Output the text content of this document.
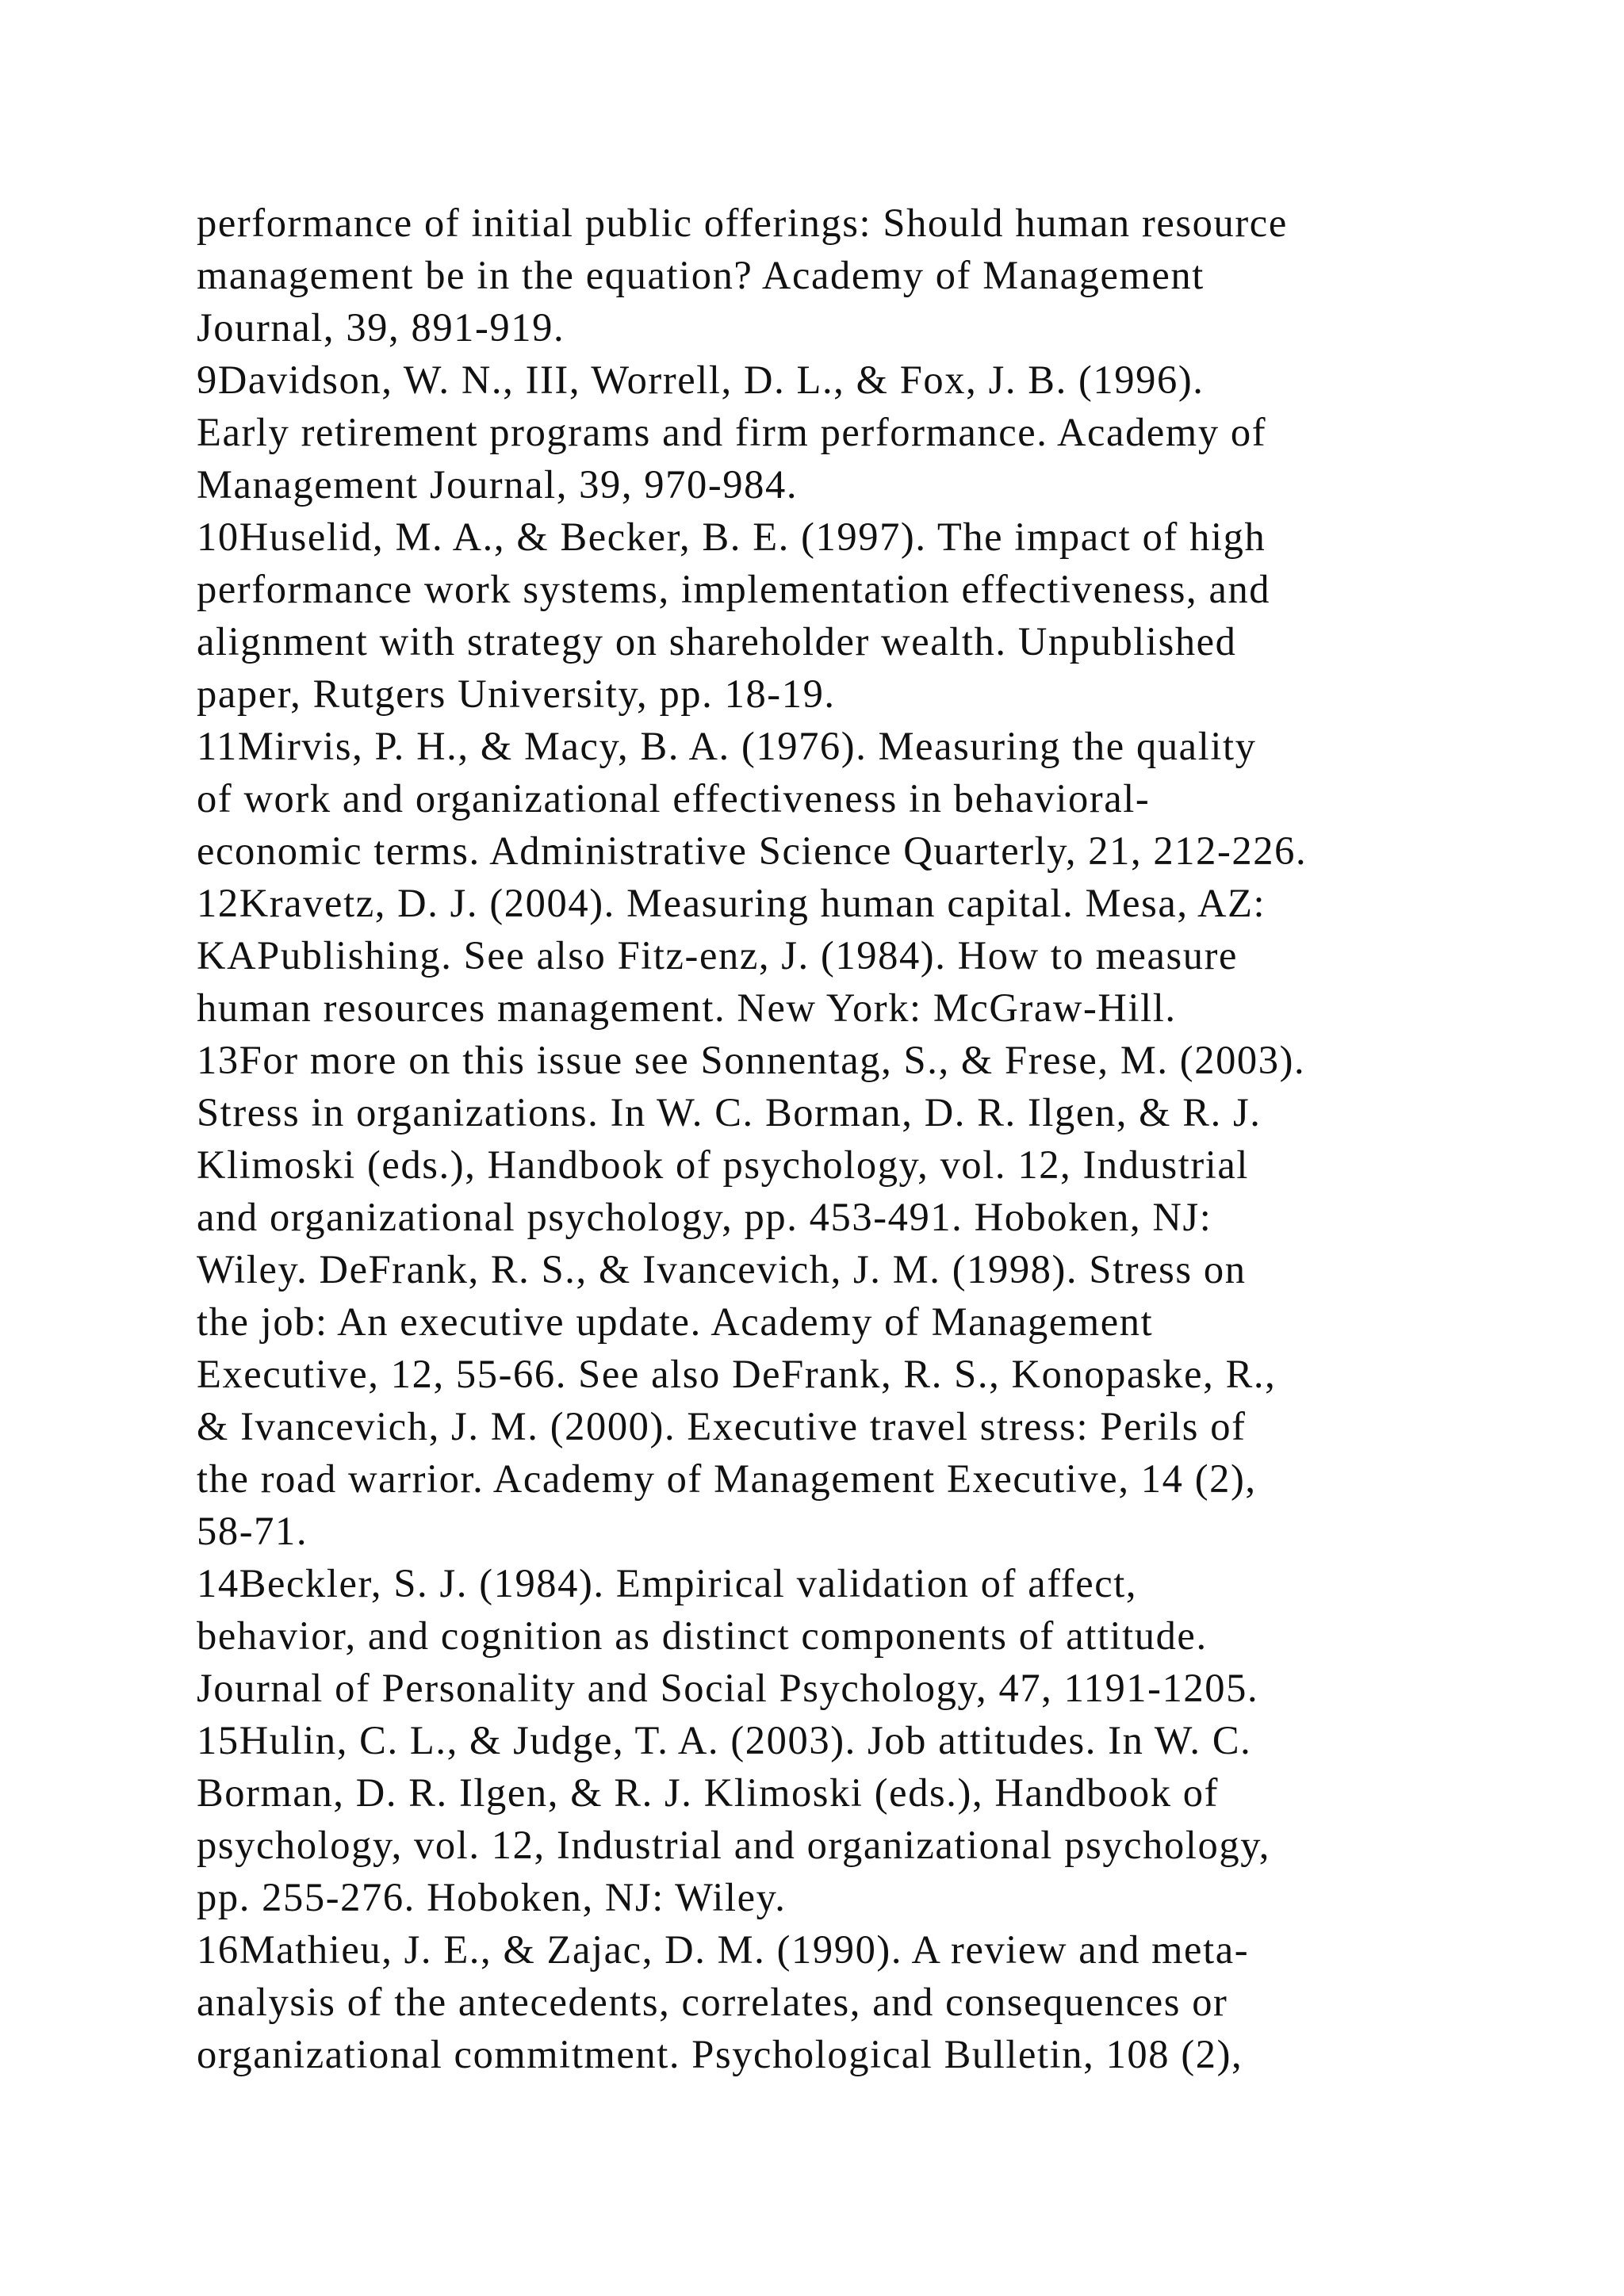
performance of initial public offerings: Should human resource
management be in the equation? Academy of Management
Journal, 39, 891-919.
9Davidson, W. N., III, Worrell, D. L., & Fox, J. B. (1996).
Early retirement programs and firm performance. Academy of
Management Journal, 39, 970-984.
10Huselid, M. A., & Becker, B. E. (1997). The impact of high
performance work systems, implementation effectiveness, and
alignment with strategy on shareholder wealth. Unpublished
paper, Rutgers University, pp. 18-19.
11Mirvis, P. H., & Macy, B. A. (1976). Measuring the quality
of work and organizational effectiveness in behavioral-
economic terms. Administrative Science Quarterly, 21, 212-226.
12Kravetz, D. J. (2004). Measuring human capital. Mesa, AZ:
KAPublishing. See also Fitz-enz, J. (1984). How to measure
human resources management. New York: McGraw-Hill.
13For more on this issue see Sonnentag, S., & Frese, M. (2003).
Stress in organizations. In W. C. Borman, D. R. Ilgen, & R. J.
Klimoski (eds.), Handbook of psychology, vol. 12, Industrial
and organizational psychology, pp. 453-491. Hoboken, NJ:
Wiley. DeFrank, R. S., & Ivancevich, J. M. (1998). Stress on
the job: An executive update. Academy of Management
Executive, 12, 55-66. See also DeFrank, R. S., Konopaske, R.,
& Ivancevich, J. M. (2000). Executive travel stress: Perils of
the road warrior. Academy of Management Executive, 14 (2),
58-71.
14Beckler, S. J. (1984). Empirical validation of affect,
behavior, and cognition as distinct components of attitude.
Journal of Personality and Social Psychology, 47, 1191-1205.
15Hulin, C. L., & Judge, T. A. (2003). Job attitudes. In W. C.
Borman, D. R. Ilgen, & R. J. Klimoski (eds.), Handbook of
psychology, vol. 12, Industrial and organizational psychology,
pp. 255-276. Hoboken, NJ: Wiley.
16Mathieu, J. E., & Zajac, D. M. (1990). A review and meta-
analysis of the antecedents, correlates, and consequences or
organizational commitment. Psychological Bulletin, 108 (2),
